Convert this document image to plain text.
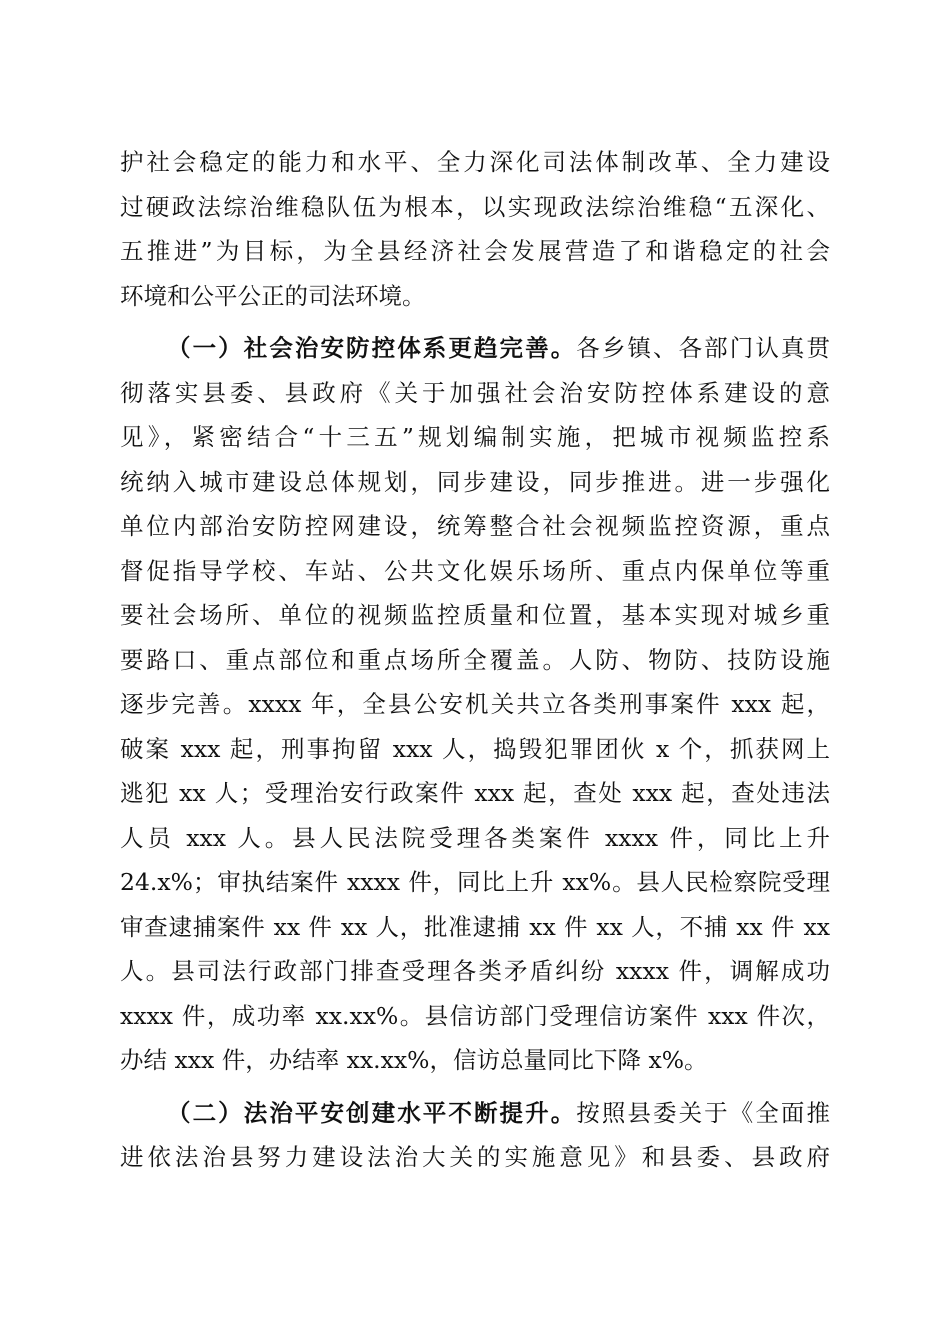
护社会稳定的能力和水平、全力深化司法体制改革、全力建设
过硬政法综治维稳队伍为根本，以实现政法综治维稳“五深化、
五推进”为目标，为全县经济社会发展营造了和谐稳定的社会
环境和公平公正的司法环境。
（一）社会治安防控体系更趋完善。各乡镇、各部门认真贯
彻落实县委、县政府《关于加强社会治安防控体系建设的意
见》，紧密结合“十三五”规划编制实施，把城市视频监控系
统纳入城市建设总体规划，同步建设，同步推进。进一步强化
单位内部治安防控网建设，统筹整合社会视频监控资源，重点
督促指导学校、车站、公共文化娱乐场所、重点内保单位等重
要社会场所、单位的视频监控质量和位置，基本实现对城乡重
要路口、重点部位和重点场所全覆盖。人防、物防、技防设施
逐步完善。xxxx 年，全县公安机关共立各类刑事案件 xxx 起，
破案 xxx 起，刑事拘留 xxx 人，捣毁犯罪团伙 x 个，抓获网上
逃犯 xx 人；受理治安行政案件 xxx 起，查处 xxx 起，查处违法
人员 xxx 人。县人民法院受理各类案件 xxxx 件，同比上升
24.x%；审执结案件 xxxx 件，同比上升 xx%。县人民检察院受理
审查逮捕案件 xx 件 xx 人，批准逮捕 xx 件 xx 人，不捕 xx 件 xx
人。县司法行政部门排查受理各类矛盾纠纷 xxxx 件，调解成功
xxxx 件，成功率 xx.xx%。县信访部门受理信访案件 xxx 件次，
办结 xxx 件，办结率 xx.xx%，信访总量同比下降 x%。
（二）法治平安创建水平不断提升。按照县委关于《全面推
进依法治县努力建设法治大关的实施意见》和县委、县政府
